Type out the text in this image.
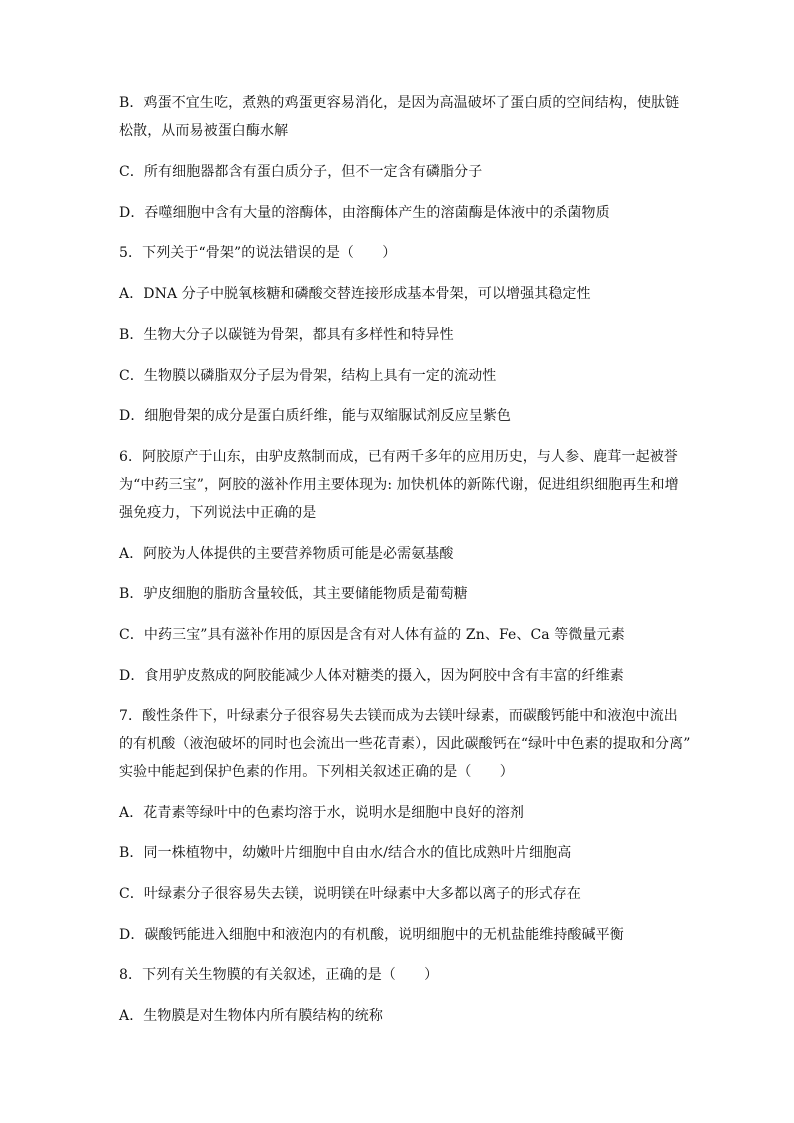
B．鸡蛋不宜生吃，煮熟的鸡蛋更容易消化，是因为高温破坏了蛋白质的空间结构，使肽链
松散，从而易被蛋白酶水解
C．所有细胞器都含有蛋白质分子，但不一定含有磷脂分子
D．吞噬细胞中含有大量的溶酶体，由溶酶体产生的溶菌酶是体液中的杀菌物质
5．下列关于“骨架”的说法错误的是（　　）
A．DNA 分子中脱氧核糖和磷酸交替连接形成基本骨架，可以增强其稳定性
B．生物大分子以碳链为骨架，都具有多样性和特异性
C．生物膜以磷脂双分子层为骨架，结构上具有一定的流动性
D．细胞骨架的成分是蛋白质纤维，能与双缩脲试剂反应呈紫色
6．阿胶原产于山东，由驴皮熬制而成，已有两千多年的应用历史，与人参、鹿茸一起被誉
为“中药三宝”，阿胶的滋补作用主要体现为: 加快机体的新陈代谢，促进组织细胞再生和增
强免疫力，下列说法中正确的是
A．阿胶为人体提供的主要营养物质可能是必需氨基酸
B．驴皮细胞的脂肪含量较低，其主要储能物质是葡萄糖
C．中药三宝”具有滋补作用的原因是含有对人体有益的 Zn、Fe、Ca 等微量元素
D．食用驴皮熬成的阿胶能减少人体对糖类的摄入，因为阿胶中含有丰富的纤维素
7．酸性条件下，叶绿素分子很容易失去镁而成为去镁叶绿素，而碳酸钙能中和液泡中流出
的有机酸（液泡破坏的同时也会流出一些花青素），因此碳酸钙在“绿叶中色素的提取和分离”
实验中能起到保护色素的作用。下列相关叙述正确的是（　　）
A．花青素等绿叶中的色素均溶于水，说明水是细胞中良好的溶剂
B．同一株植物中，幼嫩叶片细胞中自由水/结合水的值比成熟叶片细胞高
C．叶绿素分子很容易失去镁，说明镁在叶绿素中大多都以离子的形式存在
D．碳酸钙能进入细胞中和液泡内的有机酸，说明细胞中的无机盐能维持酸碱平衡
8．下列有关生物膜的有关叙述，正确的是（　　）
A．生物膜是对生物体内所有膜结构的统称
